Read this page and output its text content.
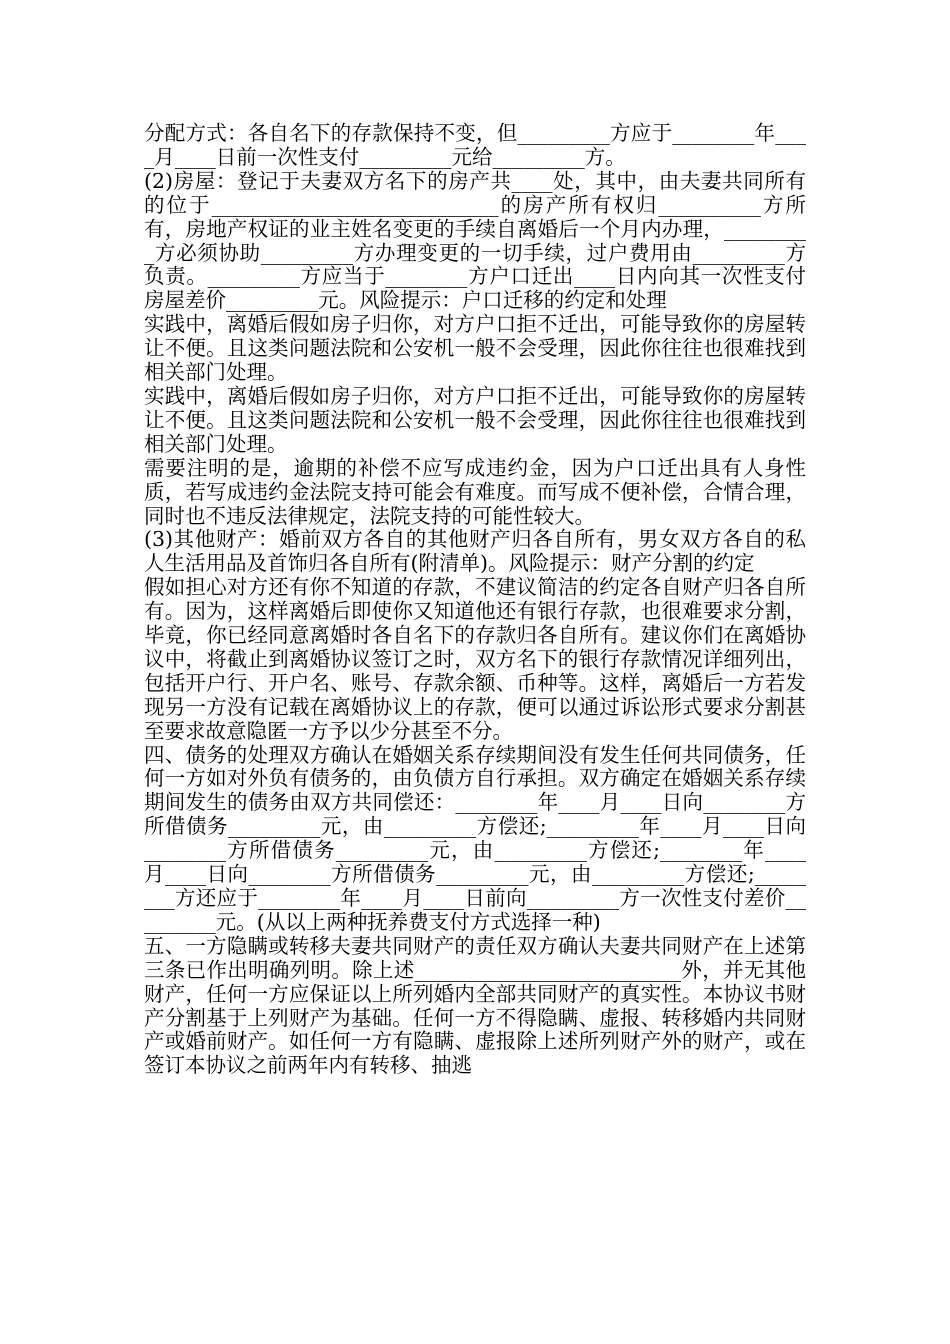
分配方式：各自名下的存款保持不变，但_________方应于________年____月____日前一次性支付_________元给_________方。

(2)房屋：登记于夫妻双方名下的房产共____处，其中，由夫妻共同所有的位于____________________________的房产所有权归__________方所有，房地产权证的业主姓名变更的手续自离婚后一个月内办理，_________方必须协助_________方办理变更的一切手续，过户费用由_________方负责。_________方应当于________方户口迁出____日内向其一次性支付房屋差价_________元。风险提示：户口迁移的约定和处理

实践中，离婚后假如房子归你，对方户口拒不迁出，可能导致你的房屋转让不便。且这类问题法院和公安机一般不会受理，因此你往往也很难找到相关部门处理。

实践中，离婚后假如房子归你，对方户口拒不迁出，可能导致你的房屋转让不便。且这类问题法院和公安机一般不会受理，因此你往往也很难找到相关部门处理。

需要注明的是，逾期的补偿不应写成违约金，因为户口迁出具有人身性质，若写成违约金法院支持可能会有难度。而写成不便补偿，合情合理，同时也不违反法律规定，法院支持的可能性较大。

(3)其他财产：婚前双方各自的其他财产归各自所有，男女双方各自的私人生活用品及首饰归各自所有(附清单)。风险提示：财产分割的约定

假如担心对方还有你不知道的存款，不建议简洁的约定各自财产归各自所有。因为，这样离婚后即使你又知道他还有银行存款，也很难要求分割，毕竟，你已经同意离婚时各自名下的存款归各自所有。建议你们在离婚协议中，将截止到离婚协议签订之时，双方名下的银行存款情况详细列出，包括开户行、开户名、账号、存款余额、币种等。这样，离婚后一方若发现另一方没有记载在离婚协议上的存款，便可以通过诉讼形式要求分割甚至要求故意隐匿一方予以少分甚至不分。

四、债务的处理双方确认在婚姻关系存续期间没有发生任何共同债务，任何一方如对外负有债务的，由负债方自行承担。双方确定在婚姻关系存续期间发生的债务由双方共同偿还：________年____月____日向________方所借债务_________元，由_________方偿还;_________年____月____日向________方所借债务_________元，由_________方偿还;________年____月____日向________方所借债务_________元，由_________方偿还;________方还应于________年____月____日前向_________方一次性支付差价_________元。(从以上两种抚养费支付方式选择一种)

五、一方隐瞒或转移夫妻共同财产的责任双方确认夫妻共同财产在上述第三条已作出明确列明。除上述__________________________外，并无其他财产，任何一方应保证以上所列婚内全部共同财产的真实性。本协议书财产分割基于上列财产为基础。任何一方不得隐瞒、虚报、转移婚内共同财产或婚前财产。如任何一方有隐瞒、虚报除上述所列财产外的财产，或在签订本协议之前两年内有转移、抽逃
